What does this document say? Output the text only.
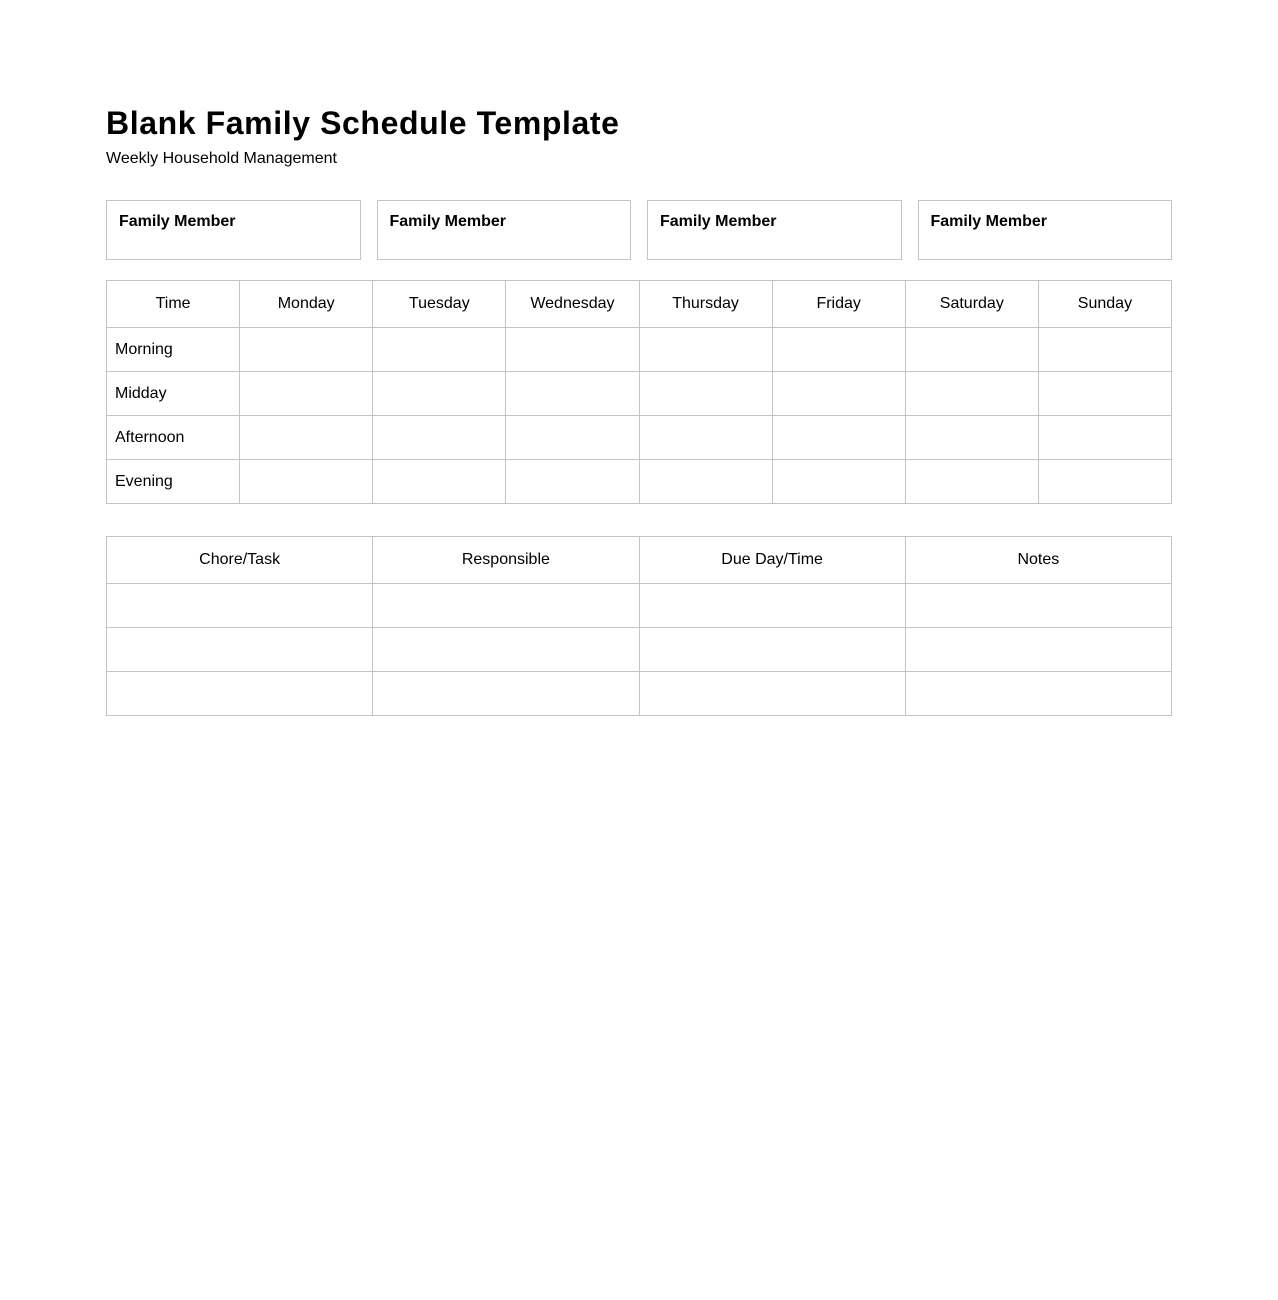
Blank Family Schedule Template

Weekly Household Management

Family Member	Family Member	Family Member	Family Member
Time	Monday	Tuesday	Wednesday	Thursday	Friday	Saturday	Sunday
Morning							
Midday							
Afternoon							
Evening							
Chore/Task	Responsible	Due Day/Time	Notes
